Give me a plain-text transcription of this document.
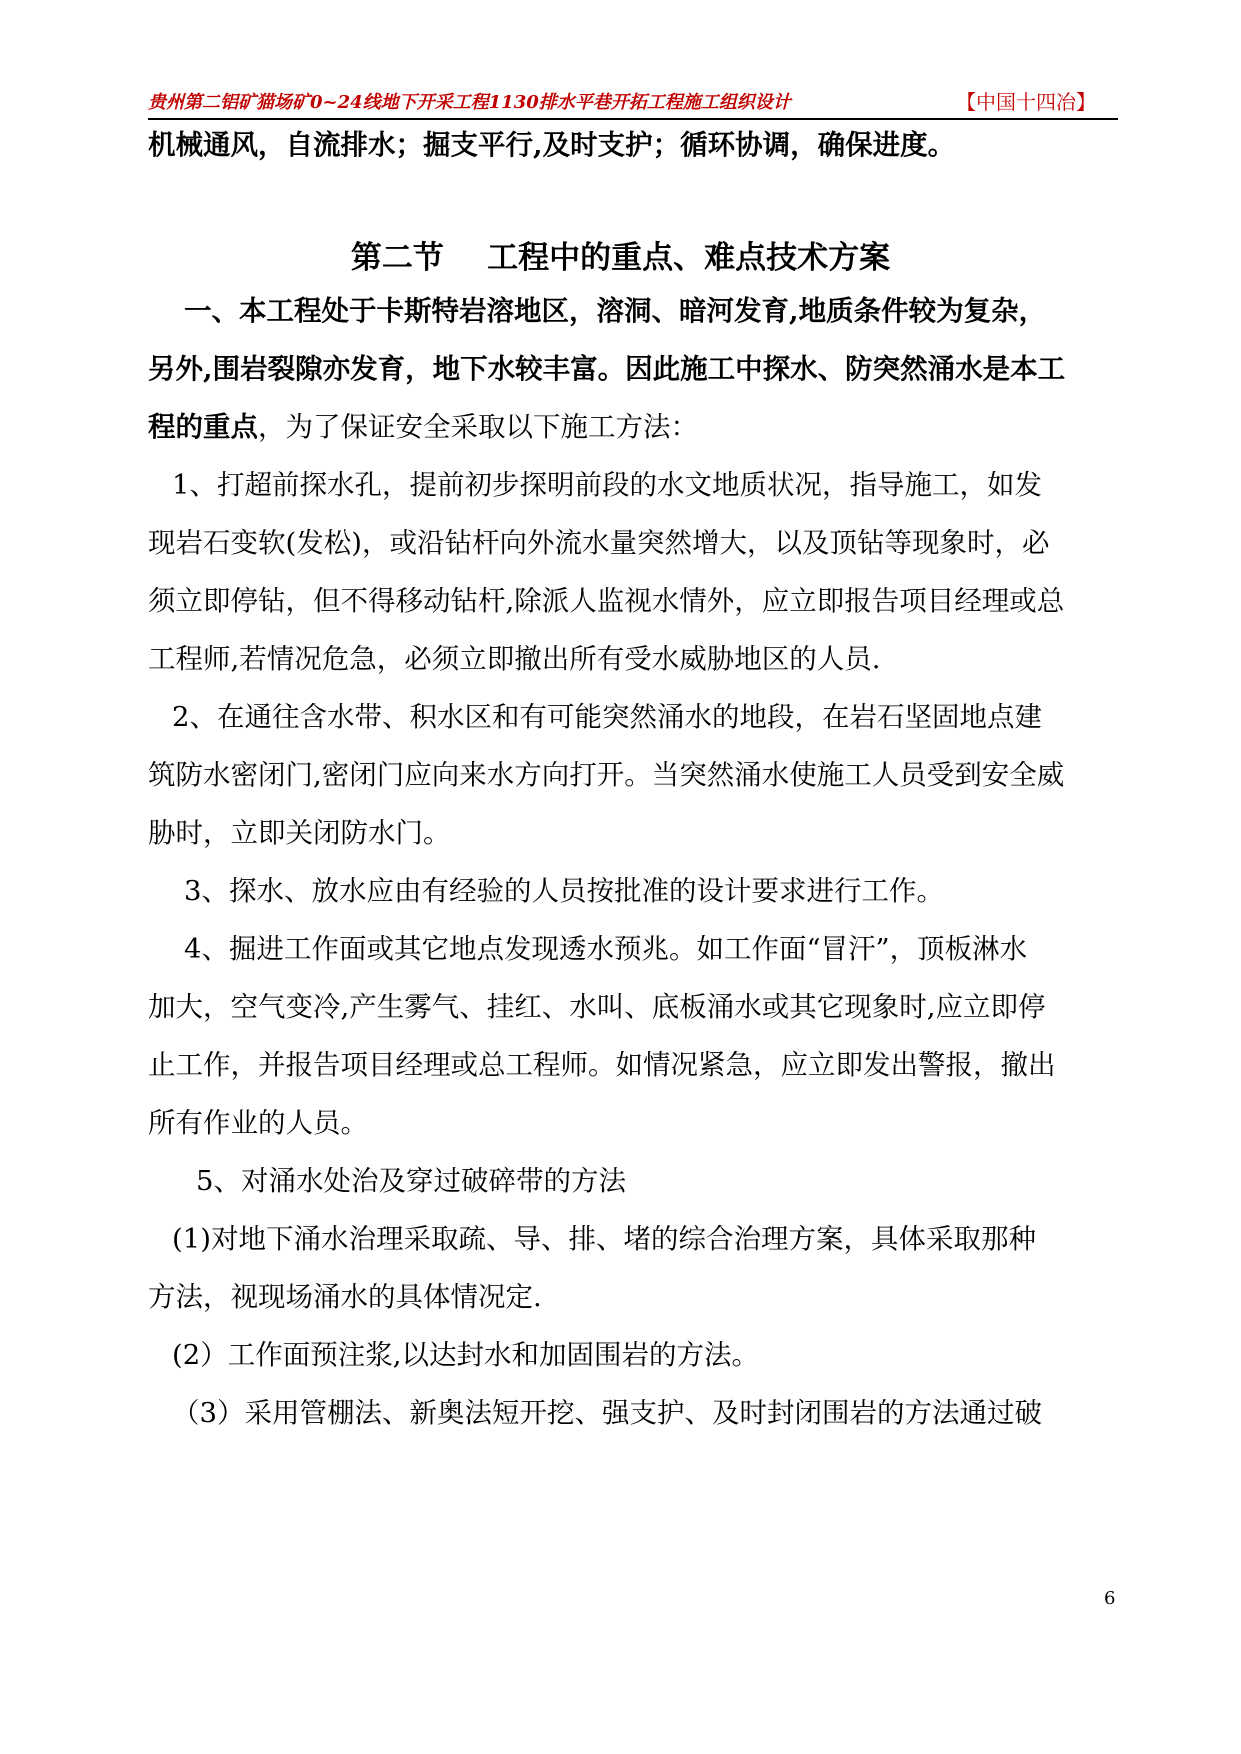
贵州第二铝矿猫场矿0~24线地下开采工程1130排水平巷开拓工程施工组织设计	【中国十四冶】

机械通风，自流排水；掘支平行,及时支护；循环协调，确保进度。

第二节    工程中的重点、难点技术方案

一、本工程处于卡斯特岩溶地区，溶洞、暗河发育,地质条件较为复杂，

另外,围岩裂隙亦发育，地下水较丰富。因此施工中探水、防突然涌水是本工

程的重点，为了保证安全采取以下施工方法：

1、打超前探水孔，提前初步探明前段的水文地质状况，指导施工，如发

现岩石变软(发松)，或沿钻杆向外流水量突然增大，以及顶钻等现象时，必

须立即停钻，但不得移动钻杆,除派人监视水情外，应立即报告项目经理或总

工程师,若情况危急，必须立即撤出所有受水威胁地区的人员.

2、在通往含水带、积水区和有可能突然涌水的地段，在岩石坚固地点建

筑防水密闭门,密闭门应向来水方向打开。当突然涌水使施工人员受到安全威

胁时，立即关闭防水门。

3、探水、放水应由有经验的人员按批准的设计要求进行工作。

4、掘进工作面或其它地点发现透水预兆。如工作面“冒汗”，顶板淋水

加大，空气变冷,产生雾气、挂红、水叫、底板涌水或其它现象时,应立即停

止工作，并报告项目经理或总工程师。如情况紧急，应立即发出警报，撤出

所有作业的人员。

5、对涌水处治及穿过破碎带的方法

(1)对地下涌水治理采取疏、导、排、堵的综合治理方案，具体采取那种

方法，视现场涌水的具体情况定.

(2）工作面预注浆,以达封水和加固围岩的方法。

（3）采用管棚法、新奥法短开挖、强支护、及时封闭围岩的方法通过破

6
